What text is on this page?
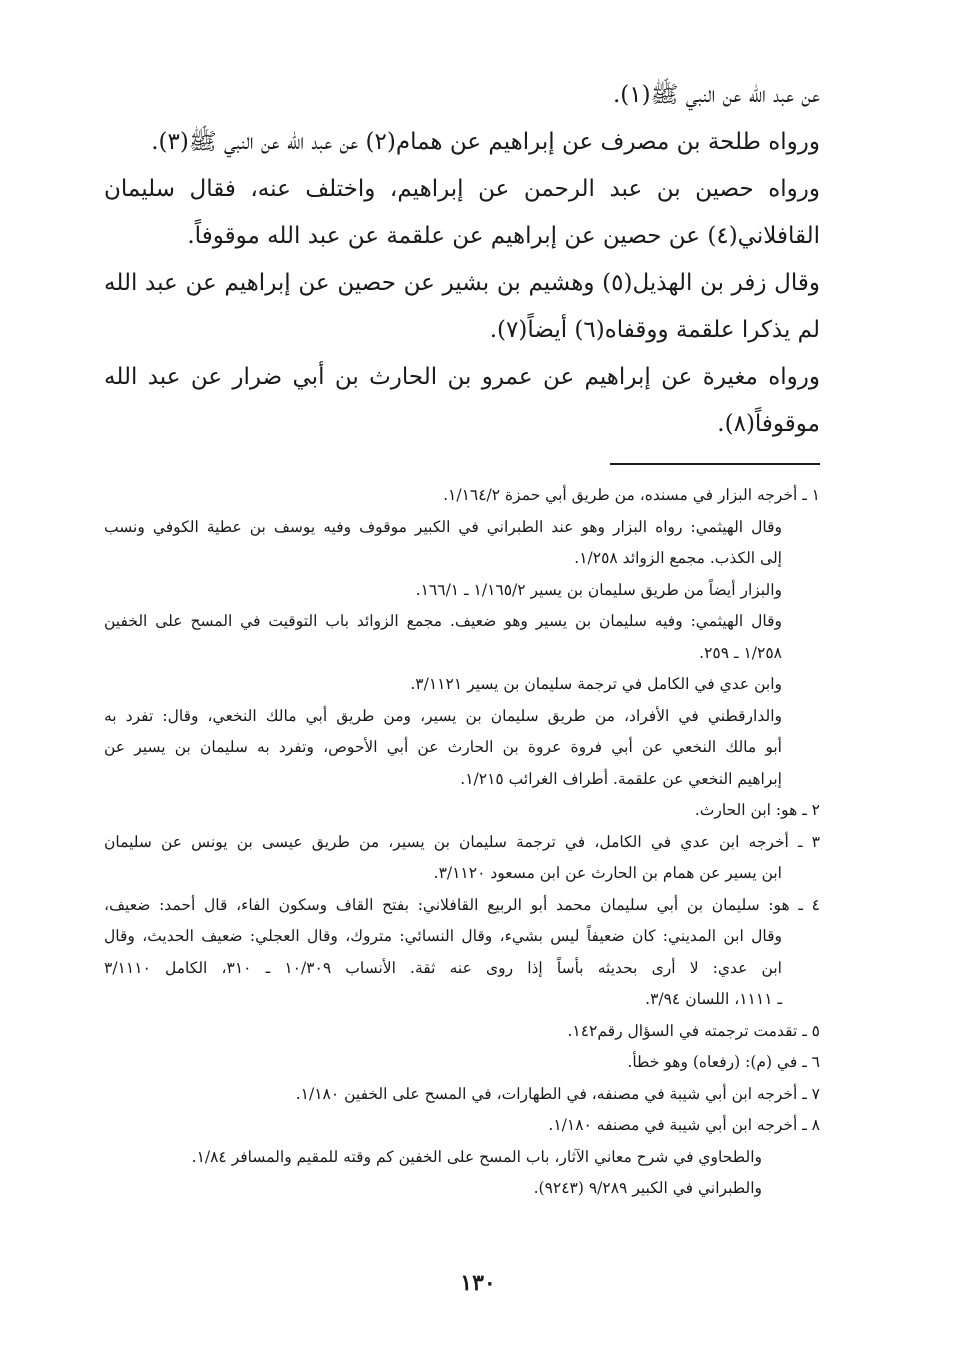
عن عبد الله عن النبي ﷺ(١).
ورواه طلحة بن مصرف عن إبراهيم عن همام(٢) عن عبد الله عن النبي ﷺ(٣).
ورواه حصين بن عبد الرحمن عن إبراهيم، واختلف عنه، فقال سليمان
القافلاني(٤) عن حصين عن إبراهيم عن علقمة عن عبد الله موقوفاً.
وقال زفر بن الهذيل(٥) وهشيم بن بشير عن حصين عن إبراهيم عن عبد الله
لم يذكرا علقمة ووقفاه(٦) أيضاً(٧).
ورواه مغيرة عن إبراهيم عن عمرو بن الحارث بن أبي ضرار عن عبد الله
موقوفاً(٨).
١ ـ أخرجه البزار في مسنده، من طريق أبي حمزة ١/١٦٤/٢.
وقال الهيثمي: رواه البزار وهو عند الطبراني في الكبير موقوف وفيه يوسف بن عطية الكوفي ونسب
إلى الكذب. مجمع الزوائد ١/٢٥٨.
والبزار أيضاً من طريق سليمان بن يسير ١/١٦٥/٢ ـ ١٦٦/١.
وقال الهيثمي: وفيه سليمان بن يسير وهو ضعيف. مجمع الزوائد باب التوقيت في المسح على الخفين
١/٢٥٨ ـ ٢٥٩.
وابن عدي في الكامل في ترجمة سليمان بن يسير ٣/١١٢١.
والدارقطني في الأفراد، من طريق سليمان بن يسير، ومن طريق أبي مالك النخعي، وقال: تفرد به
أبو مالك النخعي عن أبي فروة عروة بن الحارث عن أبي الأحوص، وتفرد به سليمان بن يسير عن
إبراهيم النخعي عن علقمة. أطراف الغرائب ١/٢١٥.
٢ ـ هو: ابن الحارث.
٣ ـ أخرجه ابن عدي في الكامل، في ترجمة سليمان بن يسير، من طريق عيسى بن يونس عن سليمان
ابن يسير عن همام بن الحارث عن ابن مسعود ٣/١١٢٠.
٤ ـ هو: سليمان بن أبي سليمان محمد أبو الربيع القافلاني: بفتح القاف وسكون الفاء، قال أحمد: ضعيف،
وقال ابن المديني: كان ضعيفاً ليس بشيء، وقال النسائي: متروك، وقال العجلي: ضعيف الحديث، وقال
ابن عدي: لا أرى بحديثه بأساً إذا روى عنه ثقة. الأنساب ١٠/٣٠٩ ـ ٣١٠، الكامل ٣/١١١٠
ـ ١١١١، اللسان ٣/٩٤.
٥ ـ تقدمت ترجمته في السؤال رقم١٤٢.
٦ ـ في (م): (رفعاه) وهو خطأ.
٧ ـ أخرجه ابن أبي شيبة في مصنفه، في الطهارات، في المسح على الخفين ١/١٨٠.
٨ ـ أخرجه ابن أبي شيبة في مصنفه ١/١٨٠.
والطحاوي في شرح معاني الآثار، باب المسح على الخفين كم وقته للمقيم والمسافر ١/٨٤.
والطبراني في الكبير ٩/٢٨٩ (٩٢٤٣).
١٣٠
